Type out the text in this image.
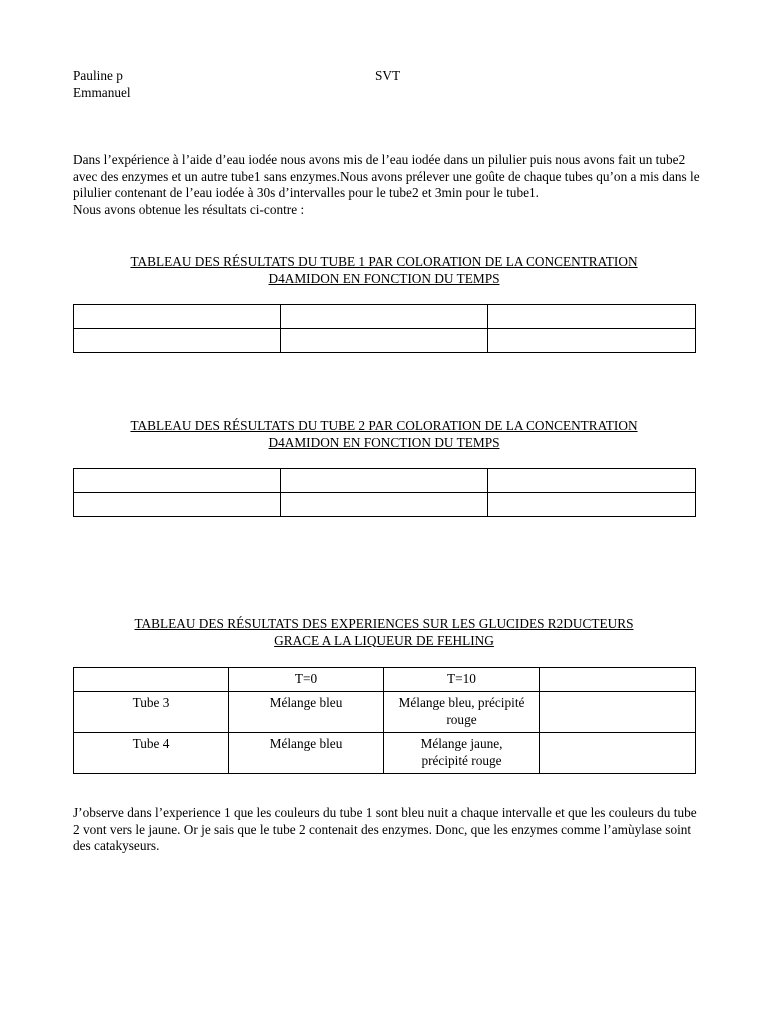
Pauline p
Emmanuel
SVT

Dans l’expérience à l’aide d’eau iodée nous avons mis de l’eau iodée dans un pilulier puis nous avons fait un tube2 avec des enzymes et un autre tube1 sans enzymes.Nous avons prélever une goûte de chaque tubes qu’on a mis dans le pilulier contenant de l’eau iodée à 30s d’intervalles pour le tube2 et 3min pour le tube1.

Nous avons obtenue les résultats ci-contre :

TABLEAU DES RÉSULTATS DU TUBE 1 PAR COLORATION DE LA CONCENTRATION
D4AMIDON EN FONCTION DU TEMPS

TABLEAU DES RÉSULTATS DU TUBE 2 PAR COLORATION DE LA CONCENTRATION
D4AMIDON EN FONCTION DU TEMPS

TABLEAU DES RÉSULTATS DES EXPERIENCES SUR LES GLUCIDES R2DUCTEURS
GRACE A LA LIQUEUR DE FEHLING
	T=0	T=10	
Tube 3	Mélange bleu	Mélange bleu, précipité
rouge	

Tube 4	Mélange bleu	Mélange jaune,
précipité rouge	

J’observe dans l’experience 1 que les couleurs du tube 1 sont bleu nuit a chaque intervalle et que les couleurs du tube 2 vont vers le jaune. Or je sais que le tube 2 contenait des enzymes. Donc, que les enzymes comme l’amùylase soint des catakyseurs.
